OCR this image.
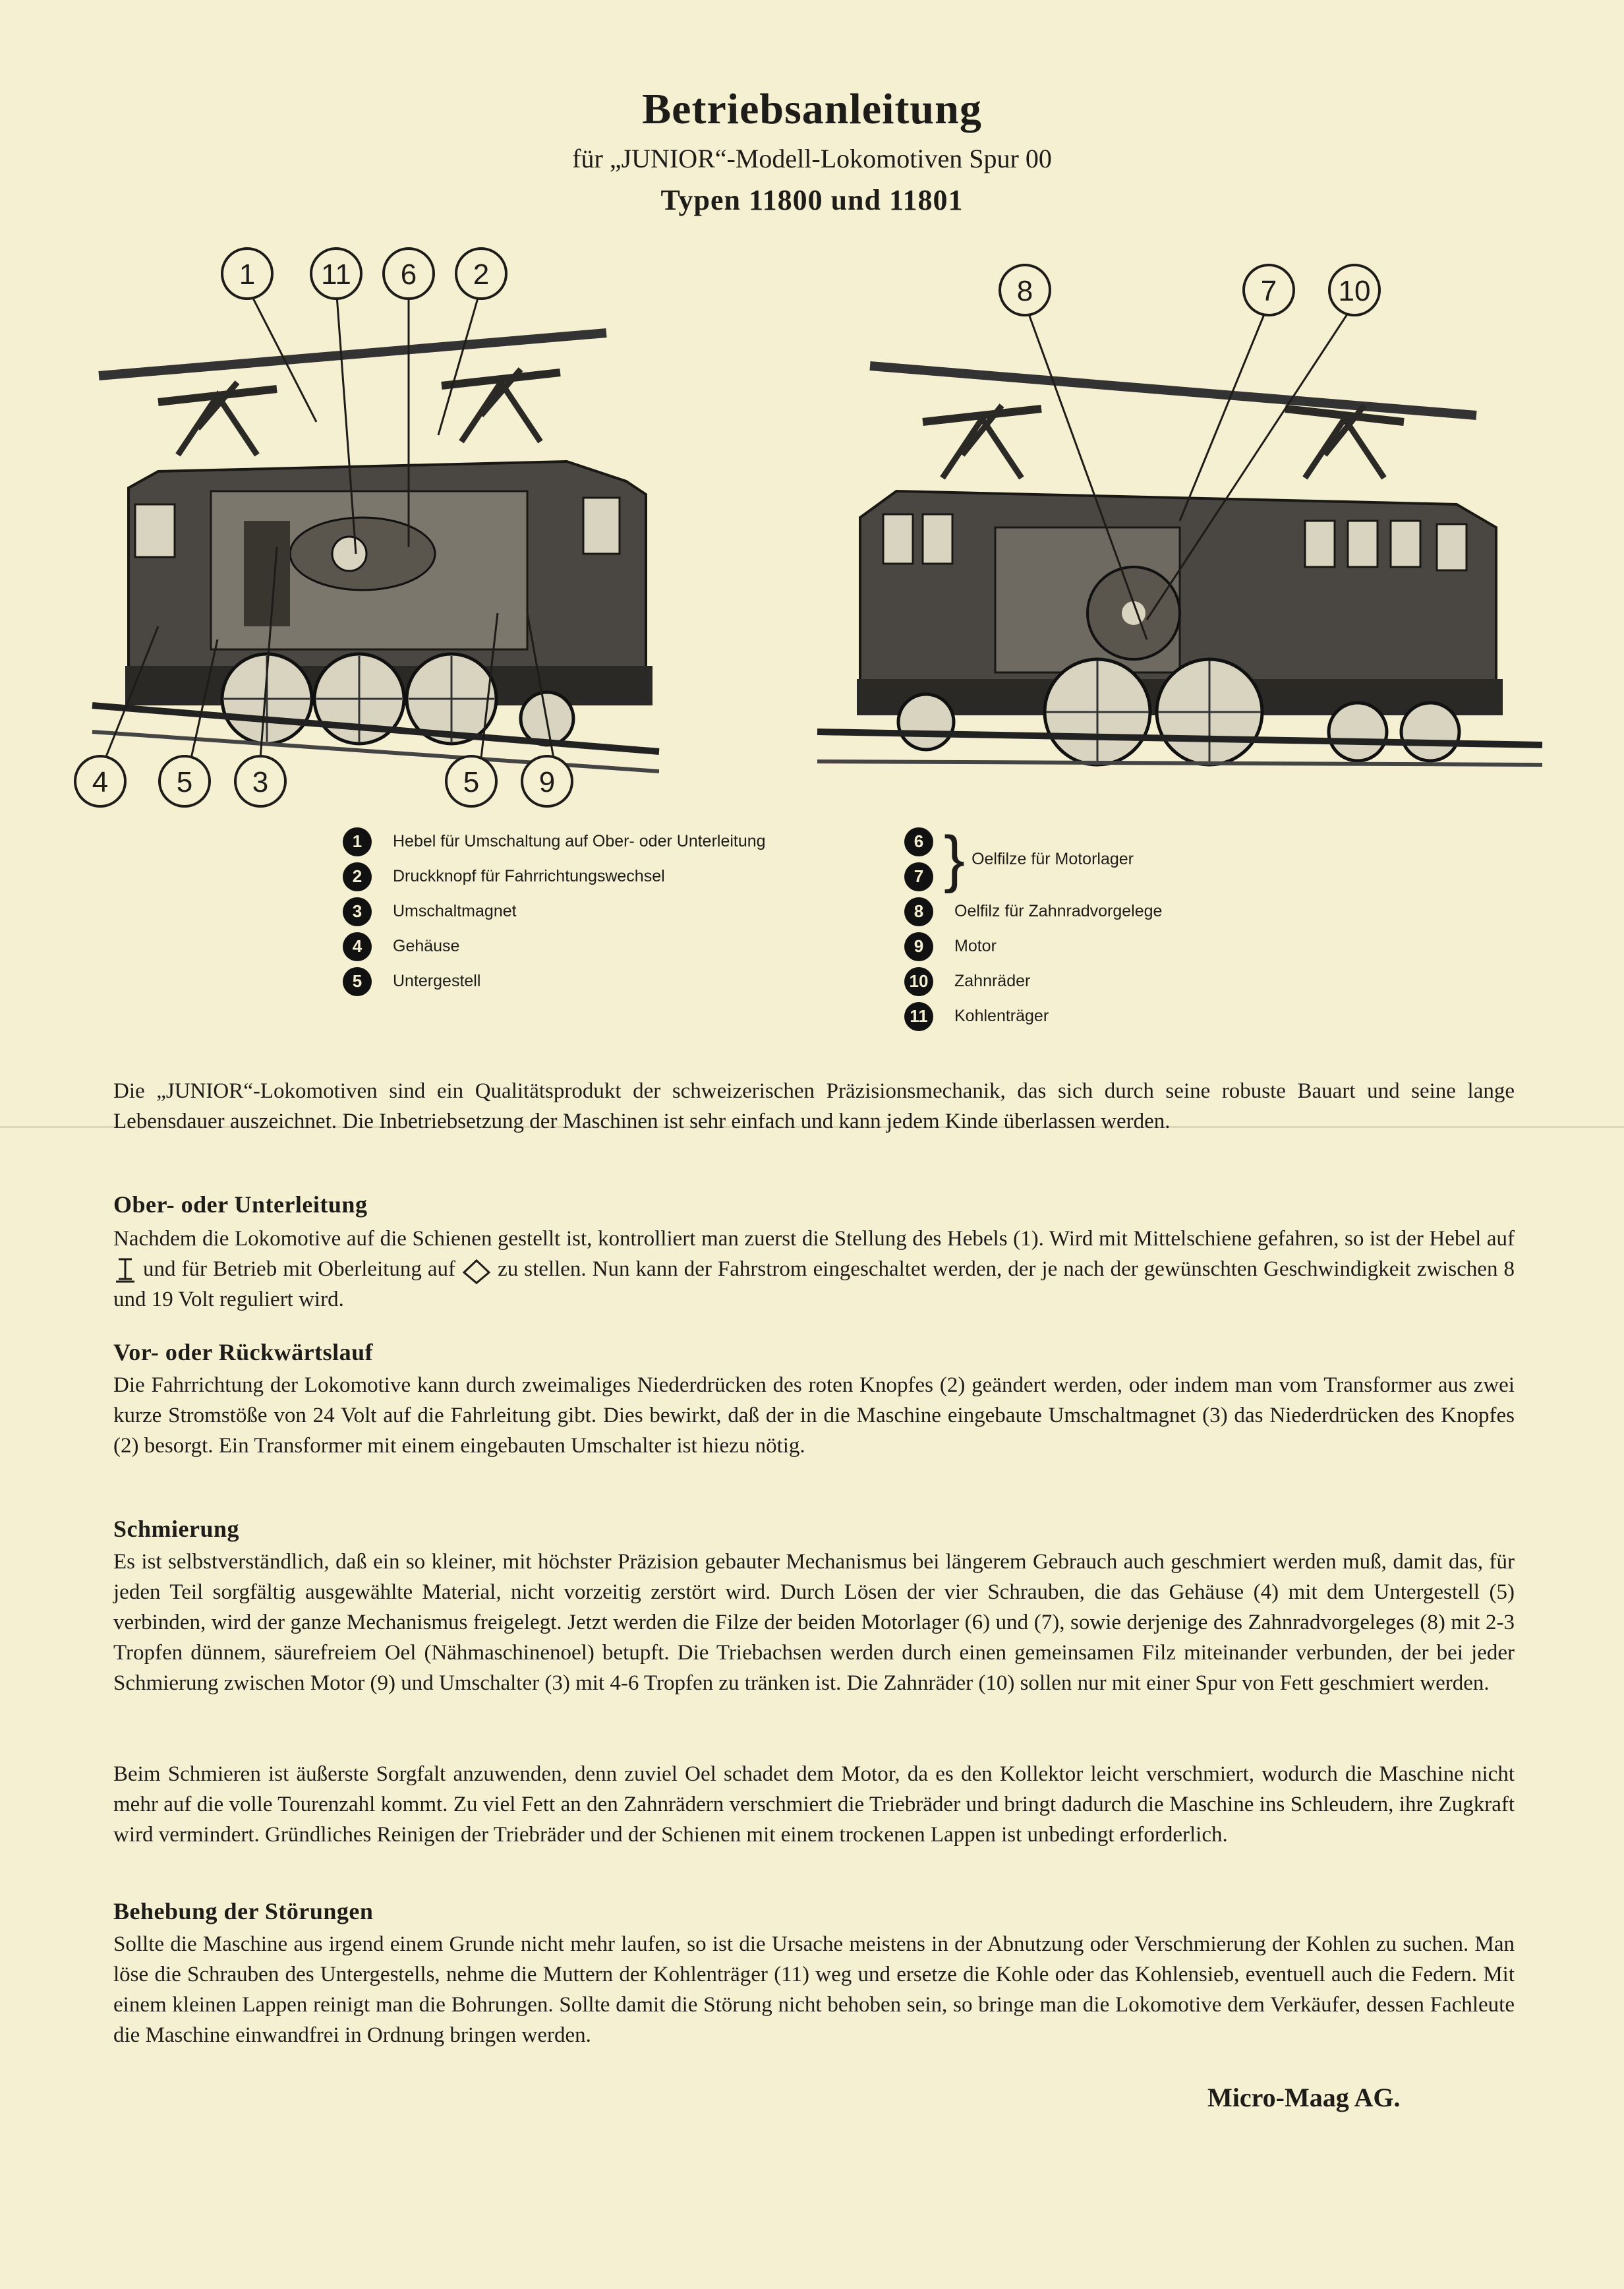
Betriebsanleitung
für „JUNIOR“-Modell-Lokomotiven Spur 00
Typen 11800 und 11801
1 11 6 2
4 5 3	5 9
8	7 10
1	Hebel für Umschaltung auf Ober- oder Unterleitung
2	Druckknopf für Fahrrichtungswechsel
3	Umschaltmagnet
4	Gehäuse
5	Untergestell
6
7 } Oelfilze für Motorlager
8	Oelfilz für Zahnradvorgelege
9	Motor
10	Zahnräder
11	Kohlenträger
Die „JUNIOR“-Lokomotiven sind ein Qualitätsprodukt der schweizerischen Präzisionsmechanik, das sich durch seine robuste Bauart und seine lange Lebensdauer auszeichnet. Die Inbetriebsetzung der Maschinen ist sehr einfach und kann jedem Kinde überlassen werden.
Ober- oder Unterleitung
Nachdem die Lokomotive auf die Schienen gestellt ist, kontrolliert man zuerst die Stellung des Hebels (1). Wird mit Mittelschiene gefahren, so ist der Hebel auf  und für Betrieb mit Oberleitung auf zu stellen. Nun kann der Fahrstrom eingeschaltet werden, der je nach der gewünschten Geschwindigkeit zwischen 8 und 19 Volt reguliert wird.
Vor- oder Rückwärtslauf
Die Fahrrichtung der Lokomotive kann durch zweimaliges Niederdrücken des roten Knopfes (2) geändert werden, oder indem man vom Transformer aus zwei kurze Stromstöße von 24 Volt auf die Fahrleitung gibt. Dies bewirkt, daß der in die Maschine eingebaute Umschaltmagnet (3) das Niederdrücken des Knopfes (2) besorgt. Ein Transformer mit einem eingebauten Umschalter ist hiezu nötig.
Schmierung
Es ist selbstverständlich, daß ein so kleiner, mit höchster Präzision gebauter Mechanismus bei längerem Gebrauch auch geschmiert werden muß, damit das, für jeden Teil sorgfältig ausgewählte Material, nicht vorzeitig zerstört wird. Durch Lösen der vier Schrauben, die das Gehäuse (4) mit dem Untergestell (5) verbinden, wird der ganze Mechanismus freigelegt. Jetzt werden die Filze der beiden Motorlager (6) und (7), sowie derjenige des Zahnradvorgeleges (8) mit 2-3 Tropfen dünnem, säurefreiem Oel (Nähmaschinenoel) betupft. Die Triebachsen werden durch einen gemeinsamen Filz miteinander verbunden, der bei jeder Schmierung zwischen Motor (9) und Umschalter (3) mit 4-6 Tropfen zu tränken ist. Die Zahnräder (10) sollen nur mit einer Spur von Fett geschmiert werden.
Beim Schmieren ist äußerste Sorgfalt anzuwenden, denn zuviel Oel schadet dem Motor, da es den Kollektor leicht verschmiert, wodurch die Maschine nicht mehr auf die volle Tourenzahl kommt. Zu viel Fett an den Zahnrädern verschmiert die Triebräder und bringt dadurch die Maschine ins Schleudern, ihre Zugkraft wird vermindert. Gründliches Reinigen der Triebräder und der Schienen mit einem trockenen Lappen ist unbedingt erforderlich.
Behebung der Störungen
Sollte die Maschine aus irgend einem Grunde nicht mehr laufen, so ist die Ursache meistens in der Abnutzung oder Verschmierung der Kohlen zu suchen. Man löse die Schrauben des Untergestells, nehme die Muttern der Kohlenträger (11) weg und ersetze die Kohle oder das Kohlensieb, eventuell auch die Federn. Mit einem kleinen Lappen reinigt man die Bohrungen. Sollte damit die Störung nicht behoben sein, so bringe man die Lokomotive dem Verkäufer, dessen Fachleute die Maschine einwandfrei in Ordnung bringen werden.
Micro-Maag AG.
